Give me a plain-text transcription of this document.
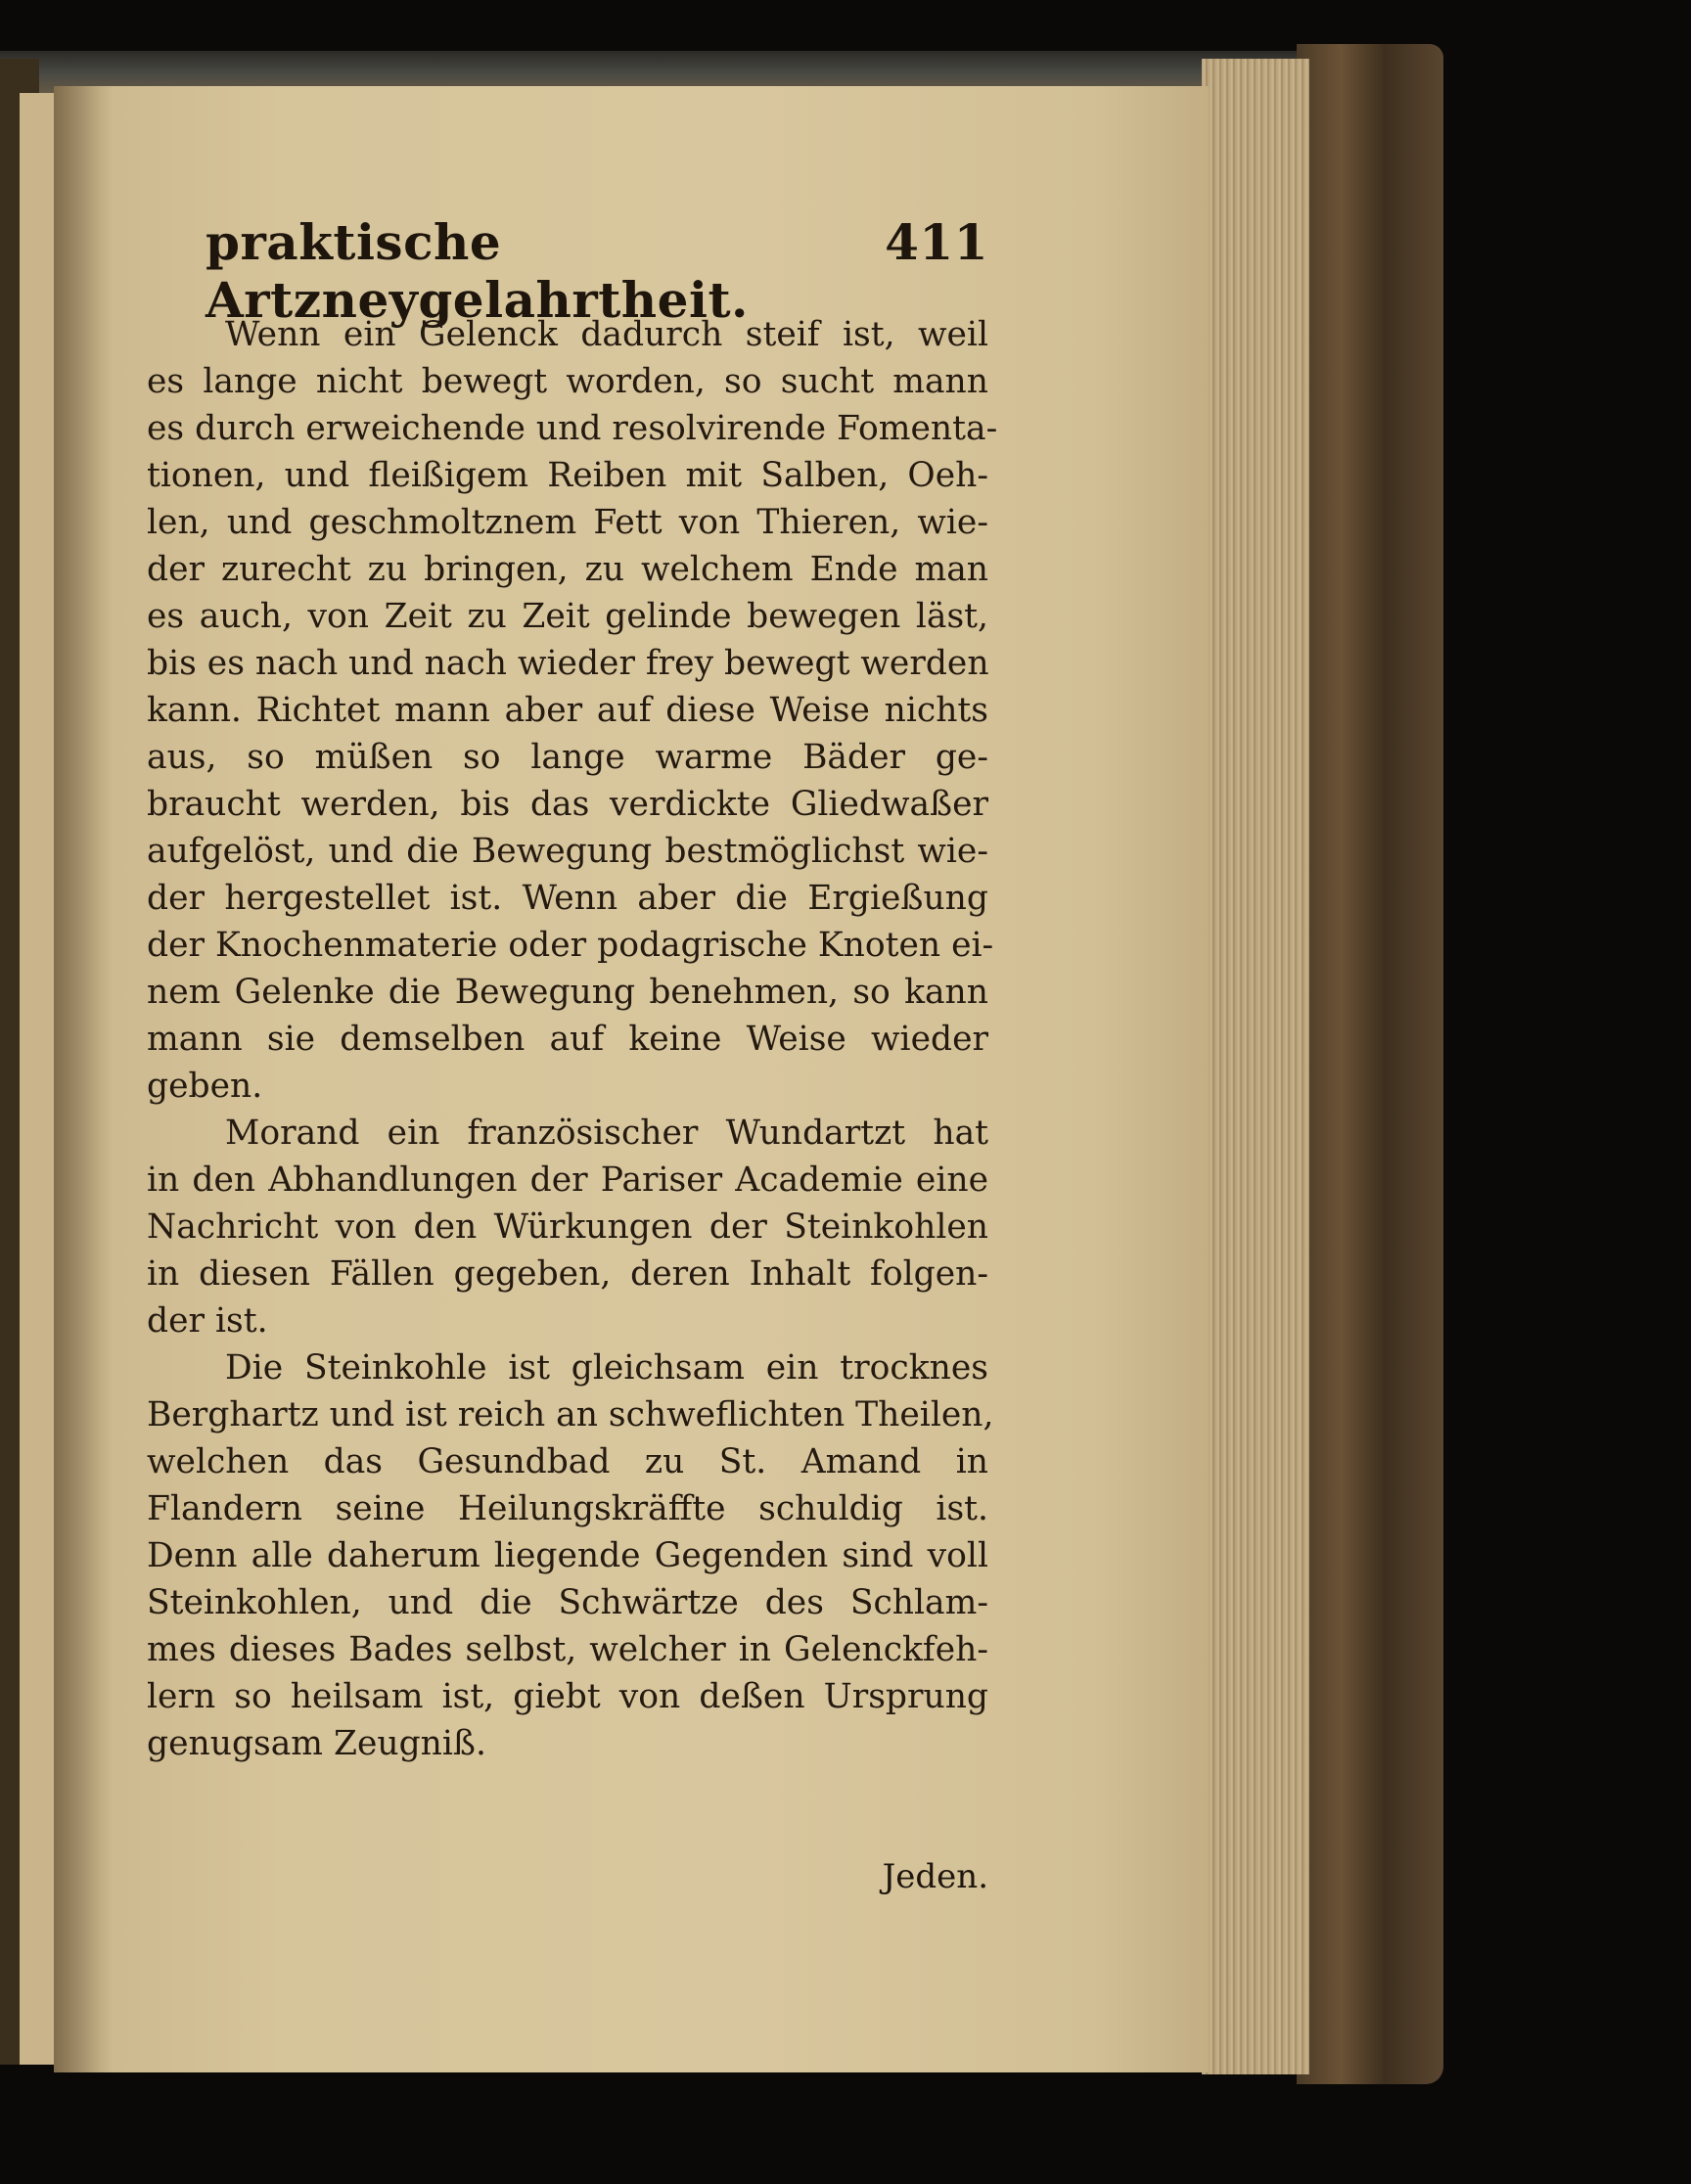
praktische Artzneygelahrtheit.
411
Wenn ein Gelenck dadurch steif ist, weil
es lange nicht bewegt worden, so sucht mann
es durch erweichende und resolvirende Fomenta-
tionen, und fleißigem Reiben mit Salben, Oeh-
len, und geschmoltznem Fett von Thieren, wie-
der zurecht zu bringen, zu welchem Ende man
es auch, von Zeit zu Zeit gelinde bewegen läst,
bis es nach und nach wieder frey bewegt werden
kann. Richtet mann aber auf diese Weise nichts
aus, so müßen so lange warme Bäder ge-
braucht werden, bis das verdickte Gliedwaßer
aufgelöst, und die Bewegung bestmöglichst wie-
der hergestellet ist. Wenn aber die Ergießung
der Knochenmaterie oder podagrische Knoten ei-
nem Gelenke die Bewegung benehmen, so kann
mann sie demselben auf keine Weise wieder
geben.
Morand ein französischer Wundartzt hat
in den Abhandlungen der Pariser Academie eine
Nachricht von den Würkungen der Steinkohlen
in diesen Fällen gegeben, deren Inhalt folgen-
der ist.
Die Steinkohle ist gleichsam ein trocknes
Berghartz und ist reich an schweflichten Theilen,
welchen das Gesundbad zu St. Amand in
Flandern seine Heilungskräffte schuldig ist.
Denn alle daherum liegende Gegenden sind voll
Steinkohlen, und die Schwärtze des Schlam-
mes dieses Bades selbst, welcher in Gelenckfeh-
lern so heilsam ist, giebt von deßen Ursprung
genugsam Zeugniß.
Jeden.
